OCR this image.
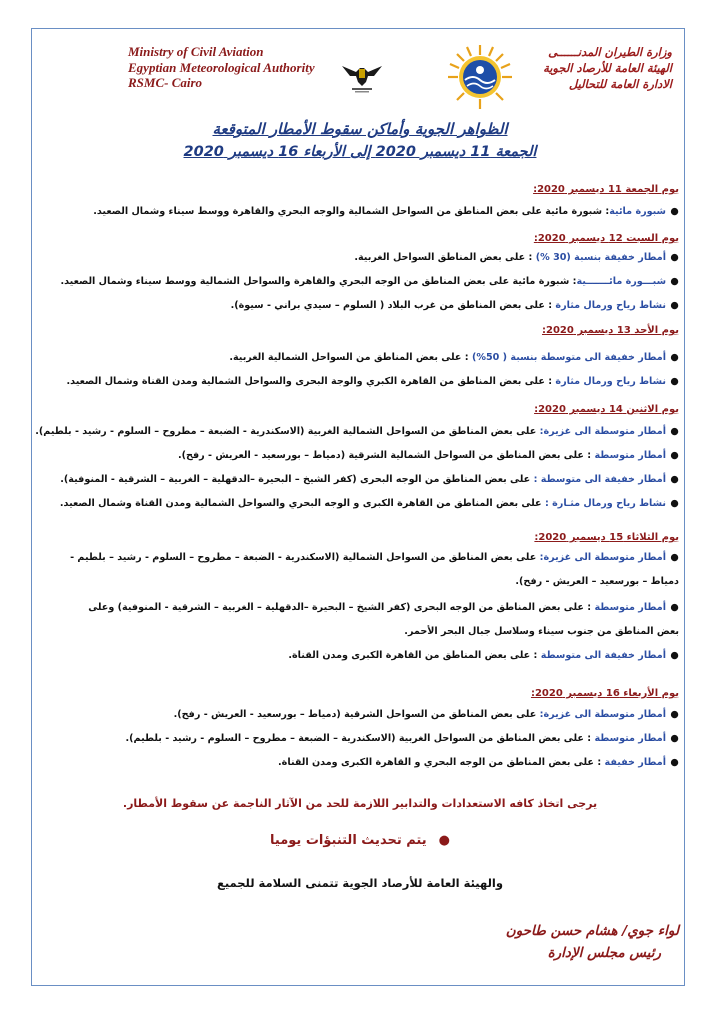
Ministry of Civil Aviation
Egyptian Meteorological Authority
RSMC- Cairo
وزارة الطيران المدنــــــى
الهيئة العامة للأرصاد الجوية
الادارة العامة للتحاليل
الظواهر الجوية وأماكن سقوط الأمطار المتوقعة
الجمعة 11 ديسمبر 2020 إلى الأربعاء 16 ديسمبر 2020
يوم الجمعة 11 ديسمبر 2020:
●شبورة مائية: شبورة مائية على بعض المناطق من السواحل الشمالية والوجه البحري والقاهرة ووسط سيناء وشمال الصعيد.
يوم السبت 12 ديسمبر 2020:
●أمطار خفيفة بنسبة (30 %) : على بعض المناطق السواحل الغربية.
●شبـــورة مائـــــــية: شبورة مائية على بعض المناطق من الوجه البحري والقاهرة والسواحل الشمالية ووسط سيناء وشمال الصعيد.
●نشاط رياح ورمال مثارة : على بعض المناطق من غرب البلاد ( السلوم – سيدي براني - سيوة).
يوم الأحد 13 ديسمبر 2020:
●أمطار خفيفة الى متوسطة بنسبة ( 50%) : على بعض المناطق من السواحل الشمالية الغربية.
●نشاط رياح ورمال مثارة : على بعض المناطق من القاهرة الكبري والوجة البحرى والسواحل الشمالية ومدن القناة وشمال الصعيد.
يوم الاثنين 14 ديسمبر 2020:
●أمطار متوسطة الى غزيرة: على بعض المناطق من السواحل الشمالية الغربية (الاسكندرية - الضبعة – مطروح – السلوم - رشيد - بلطيم).
●أمطار متوسطة : على بعض المناطق من السواحل الشمالية الشرقية (دمياط – بورسعيد - العريش - رفح).
●أمطار خفيفة الى متوسطة : على بعض المناطق من الوجه البحرى (كفر الشيخ – البحيرة –الدقهلية – الغربية – الشرقية - المنوفية).
●نشاط رياح ورمال مثـارة : على بعض المناطق من القاهرة الكبرى و الوجه البحري والسواحل الشمالية ومدن القناة وشمال الصعيد.
يوم الثلاثاء 15 ديسمبر 2020:
●أمطار متوسطة الى غزيرة: على بعض المناطق من السواحل الشمالية (الاسكندرية - الضبعة – مطروح – السلوم - رشيد – بلطيم - دمياط – بورسعيد – العريش - رفح).
●أمطار متوسطة : على بعض المناطق من الوجه البحرى (كفر الشيخ – البحيرة –الدقهلية – الغربية – الشرقية - المنوفية) وعلى بعض المناطق من جنوب سيناء وسلاسل جبال البحر الأحمر.
●أمطار خفيفة الى متوسطة : على بعض المناطق من القاهرة الكبرى ومدن القناة.
يوم الأربعاء 16 ديسمبر 2020:
●أمطار متوسطة الى غزيرة: على بعض المناطق من السواحل الشرقية (دمياط – بورسعيد - العريش - رفح).
●أمطار متوسطة : على بعض المناطق من السواحل الغربية (الاسكندرية – الضبعة – مطروح – السلوم - رشيد - بلطيم).
●أمطار خفيفة : على بعض المناطق من الوجه البحري و القاهرة الكبرى ومدن القناة.
يرجى اتخاذ كافه الاستعدادات والتدابير اللازمة للحد من الآثار الناجمة عن سقوط الأمطار.
●يتم تحديث التنبؤات يوميا
والهيئة العامة للأرصاد الجوية تتمنى السلامة للجميع
لواء جوي/ هشام حسن طاحون
رئيس مجلس الإدارة
